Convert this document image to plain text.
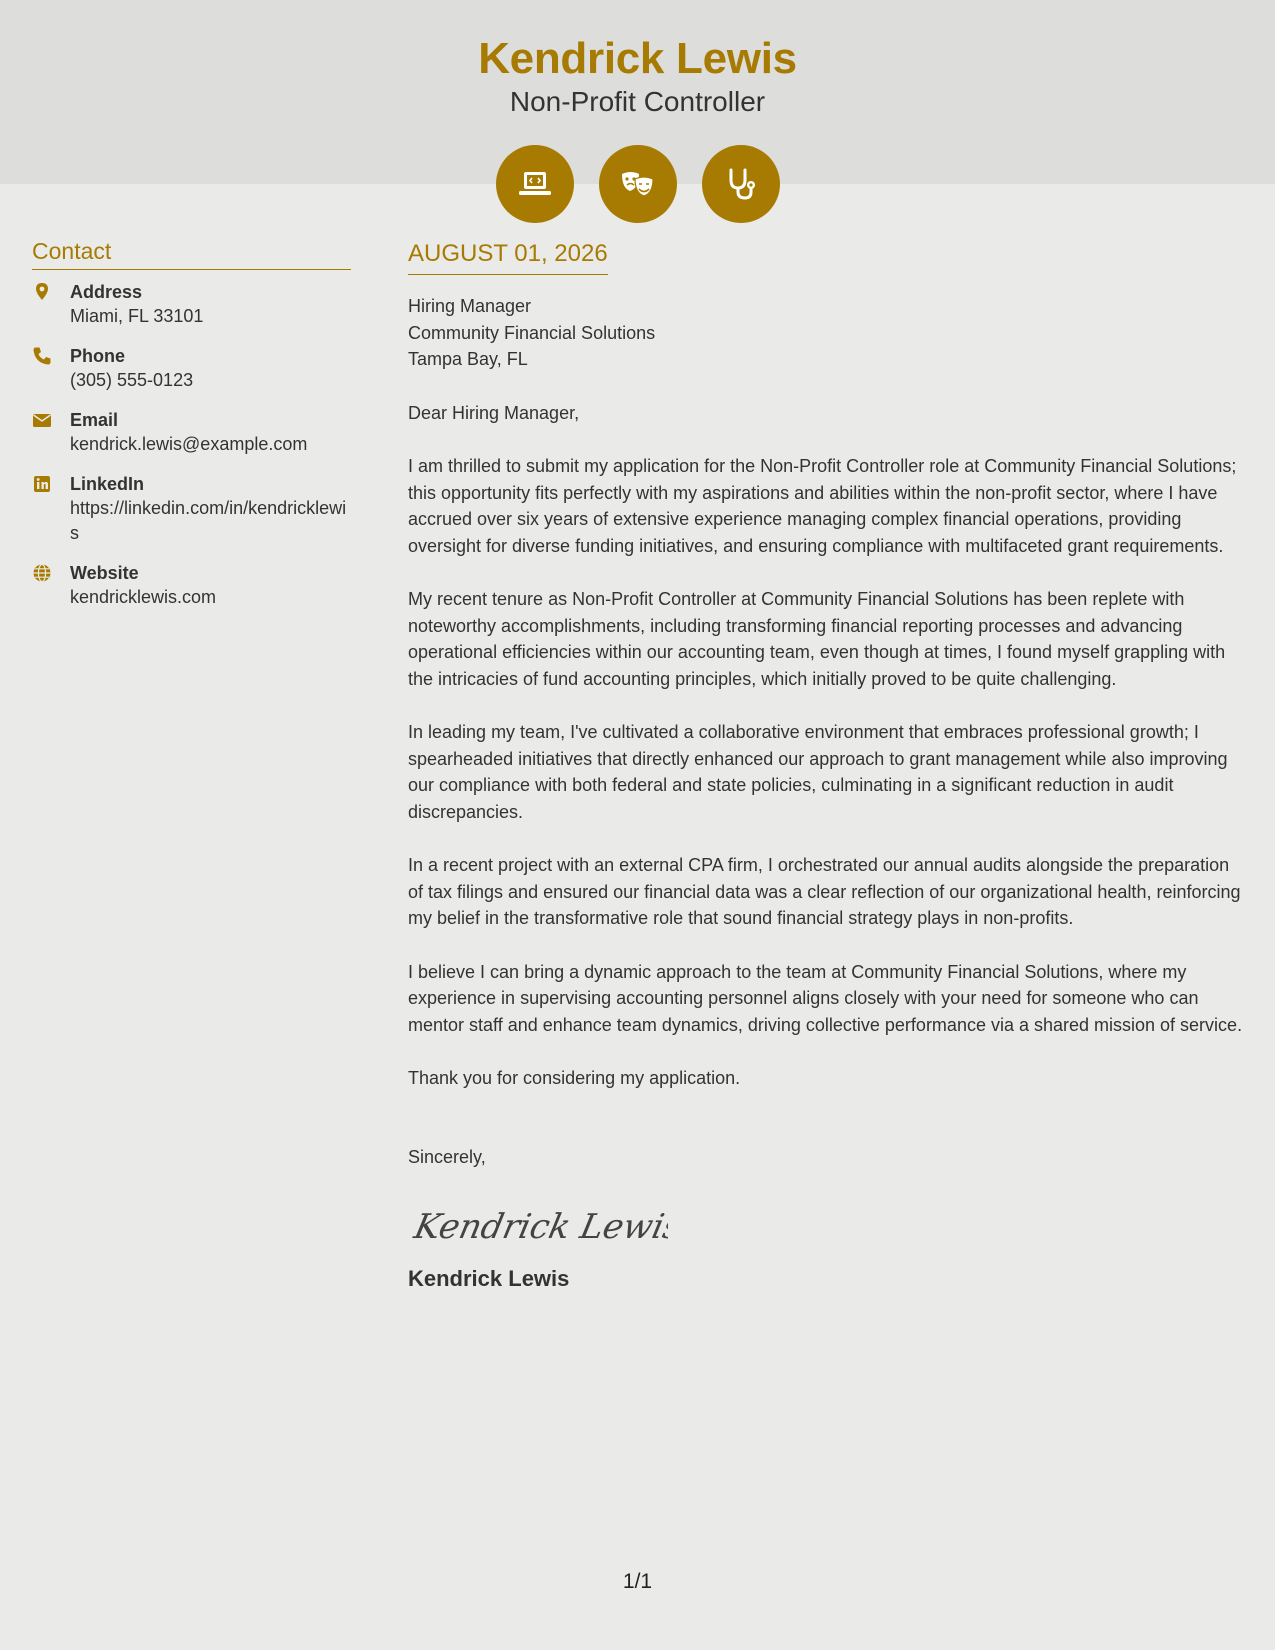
Kendrick Lewis
Non-Profit Controller
Contact
Address
Miami, FL 33101
Phone
(305) 555-0123
Email
kendrick.lewis@example.com
LinkedIn
https://linkedin.com/in/kendricklewis
Website
kendricklewis.com
AUGUST 01, 2026
Hiring Manager
Community Financial Solutions
Tampa Bay, FL

Dear Hiring Manager,

I am thrilled to submit my application for the Non-Profit Controller role at Community Financial Solutions; this opportunity fits perfectly with my aspirations and abilities within the non-profit sector, where I have accrued over six years of extensive experience managing complex financial operations, providing oversight for diverse funding initiatives, and ensuring compliance with multifaceted grant requirements.

My recent tenure as Non-Profit Controller at Community Financial Solutions has been replete with noteworthy accomplishments, including transforming financial reporting processes and advancing operational efficiencies within our accounting team, even though at times, I found myself grappling with the intricacies of fund accounting principles, which initially proved to be quite challenging.

In leading my team, I've cultivated a collaborative environment that embraces professional growth; I spearheaded initiatives that directly enhanced our approach to grant management while also improving our compliance with both federal and state policies, culminating in a significant reduction in audit discrepancies.

In a recent project with an external CPA firm, I orchestrated our annual audits alongside the preparation of tax filings and ensured our financial data was a clear reflection of our organizational health, reinforcing my belief in the transformative role that sound financial strategy plays in non-profits.

I believe I can bring a dynamic approach to the team at Community Financial Solutions, where my experience in supervising accounting personnel aligns closely with your need for someone who can mentor staff and enhance team dynamics, driving collective performance via a shared mission of service.

Thank you for considering my application.

Sincerely,
Kendrick Lewis
Kendrick Lewis
1/1
